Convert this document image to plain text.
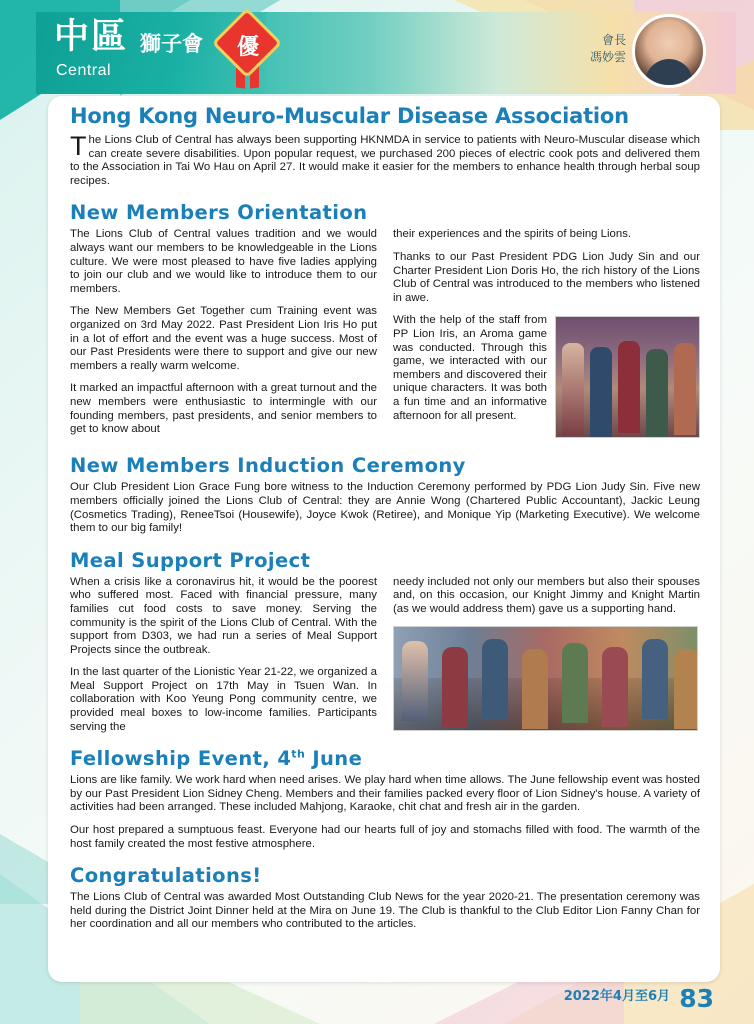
中區 獅子會
Central
優	會長
馮妙雲
Hong Kong Neuro-Muscular Disease Association

The Lions Club of Central has always been supporting HKNMDA in service to patients with Neuro-Muscular disease which can create severe disabilities. Upon popular request, we purchased 200 pieces of electric cook pots and delivered them to the Association in Tai Wo Hau on April 27. It would make it easier for the members to enhance health through herbal soup recipes.

New Members Orientation

The Lions Club of Central values tradition and we would always want our members to be knowledgeable in the Lions culture. We were most pleased to have five ladies applying to join our club and we would like to introduce them to our members.

The New Members Get Together cum Training event was organized on 3rd May 2022. Past President Lion Iris Ho put in a lot of effort and the event was a huge success. Most of our Past Presidents were there to support and give our new members a really warm welcome.

It marked an impactful afternoon with a great turnout and the new members were enthusiastic to intermingle with our founding members, past presidents, and senior members to get to know about

their experiences and the spirits of being Lions.

Thanks to our Past President PDG Lion Judy Sin and our Charter President Lion Doris Ho, the rich history of the Lions Club of Central was introduced to the members who listened in awe.

With the help of the staff from PP Lion Iris, an Aroma game was conducted. Through this game, we interacted with our members and discovered their unique characters. It was both a fun time and an informative afternoon for all present.

New Members Induction Ceremony

Our Club President Lion Grace Fung bore witness to the Induction Ceremony performed by PDG Lion Judy Sin. Five new members officially joined the Lions Club of Central: they are Annie Wong (Chartered Public Accountant), Jackic Leung (Cosmetics Trading), ReneeTsoi (Housewife), Joyce Kwok (Retiree), and Monique Yip (Marketing Executive). We welcome them to our big family!

Meal Support Project

When a crisis like a coronavirus hit, it would be the poorest who suffered most. Faced with financial pressure, many families cut food costs to save money. Serving the community is the spirit of the Lions Club of Central. With the support from D303, we had run a series of Meal Support Projects since the outbreak.

In the last quarter of the Lionistic Year 21-22, we organized a Meal Support Project on 17th May in Tsuen Wan. In collaboration with Koo Yeung Pong community centre, we provided meal boxes to low-income families. Participants serving the

needy included not only our members but also their spouses and, on this occasion, our Knight Jimmy and Knight Martin (as we would address them) gave us a supporting hand.

Fellowship Event, 4th June

Lions are like family. We work hard when need arises. We play hard when time allows. The June fellowship event was hosted by our Past President Lion Sidney Cheng. Members and their families packed every floor of Lion Sidney's house. A variety of activities had been arranged. These included Mahjong, Karaoke, chit chat and fresh air in the garden.

Our host prepared a sumptuous feast. Everyone had our hearts full of joy and stomachs filled with food. The warmth of the host family created the most festive atmosphere.

Congratulations!

The Lions Club of Central was awarded Most Outstanding Club News for the year 2020-21. The presentation ceremony was held during the District Joint Dinner held at the Mira on June 19. The Club is thankful to the Club Editor Lion Fanny Chan for her coordination and all our members who contributed to the articles.

2022年4月至6月 83
